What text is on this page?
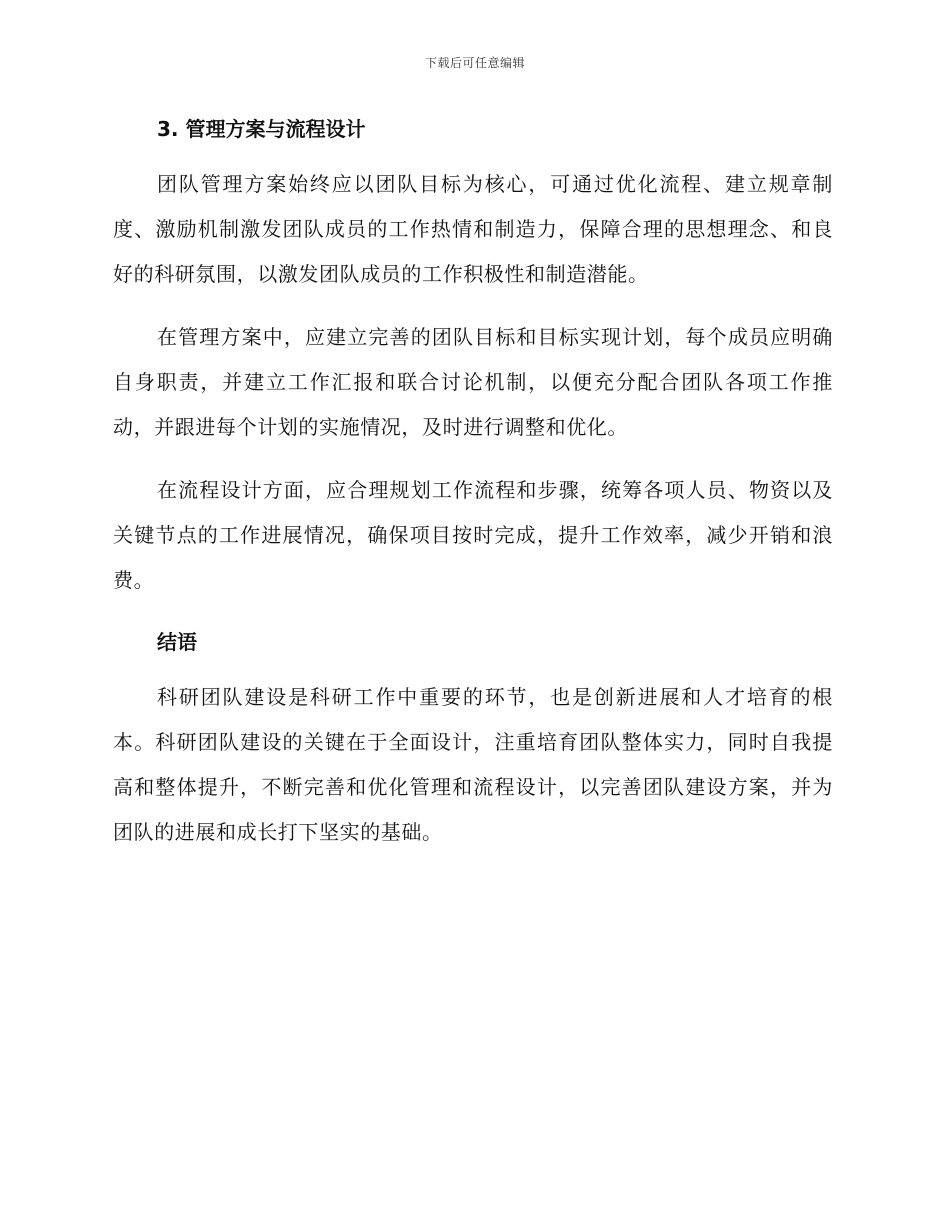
下载后可任意编辑
3. 管理方案与流程设计

团队管理方案始终应以团队目标为核心，可通过优化流程、建立规章制度、激励机制激发团队成员的工作热情和制造力，保障合理的思想理念、和良好的科研氛围，以激发团队成员的工作积极性和制造潜能。

在管理方案中，应建立完善的团队目标和目标实现计划，每个成员应明确自身职责，并建立工作汇报和联合讨论机制，以便充分配合团队各项工作推动，并跟进每个计划的实施情况，及时进行调整和优化。

在流程设计方面，应合理规划工作流程和步骤，统筹各项人员、物资以及关键节点的工作进展情况，确保项目按时完成，提升工作效率，减少开销和浪费。

结语

科研团队建设是科研工作中重要的环节，也是创新进展和人才培育的根本。科研团队建设的关键在于全面设计，注重培育团队整体实力，同时自我提高和整体提升，不断完善和优化管理和流程设计，以完善团队建设方案，并为团队的进展和成长打下坚实的基础。
